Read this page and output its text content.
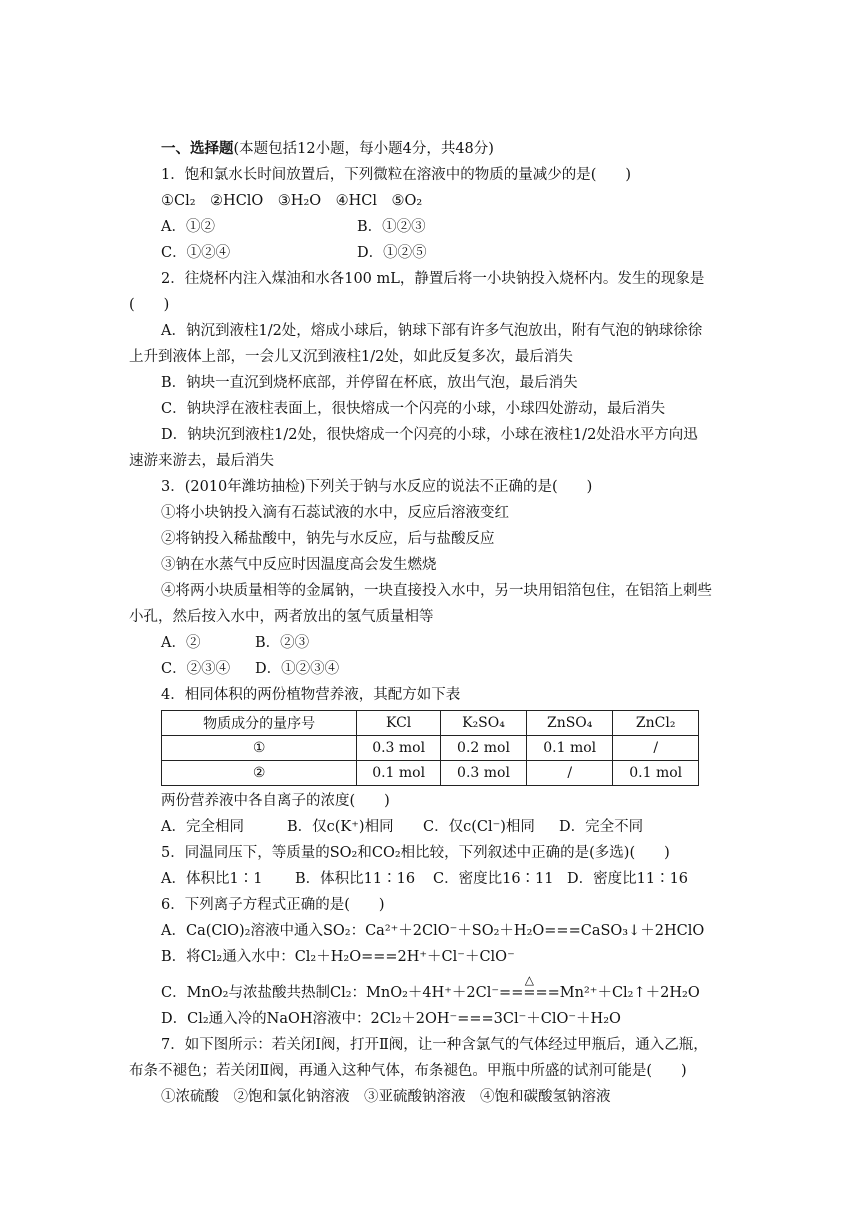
一、选择题(本题包括12小题，每小题4分，共48分)
1．饱和氯水长时间放置后，下列微粒在溶液中的物质的量减少的是(　　)
①Cl₂　②HClO　③H₂O　④HCl　⑤O₂
A．①②	B．①②③
C．①②④	D．①②⑤
2．往烧杯内注入煤油和水各100 mL，静置后将一小块钠投入烧杯内。发生的现象是
(　　)
A．钠沉到液柱1/2处，熔成小球后，钠球下部有许多气泡放出，附有气泡的钠球徐徐
上升到液体上部，一会儿又沉到液柱1/2处，如此反复多次，最后消失
B．钠块一直沉到烧杯底部，并停留在杯底，放出气泡，最后消失
C．钠块浮在液柱表面上，很快熔成一个闪亮的小球，小球四处游动，最后消失
D．钠块沉到液柱1/2处，很快熔成一个闪亮的小球，小球在液柱1/2处沿水平方向迅
速游来游去，最后消失
3．(2010年潍坊抽检)下列关于钠与水反应的说法不正确的是(　　)
①将小块钠投入滴有石蕊试液的水中，反应后溶液变红
②将钠投入稀盐酸中，钠先与水反应，后与盐酸反应
③钠在水蒸气中反应时因温度高会发生燃烧
④将两小块质量相等的金属钠，一块直接投入水中，另一块用铝箔包住，在铝箔上刺些
小孔，然后按入水中，两者放出的氢气质量相等
A．②	B．②③
C．②③④	D．①②③④
4．相同体积的两份植物营养液，其配方如下表
物质成分的量序号	KCl	K₂SO₄	ZnSO₄	ZnCl₂
①	0.3 mol	0.2 mol	0.1 mol	/
②	0.1 mol	0.3 mol	/	0.1 mol
两份营养液中各自离子的浓度(　　)
A．完全相同	B．仅c(K⁺)相同	C．仅c(Cl⁻)相同	D．完全不同
5．同温同压下，等质量的SO₂和CO₂相比较，下列叙述中正确的是(多选)(　　)
A．体积比1∶1	B．体积比11∶16	C．密度比16∶11 D．密度比11∶16
6．下列离子方程式正确的是(　　)
A．Ca(ClO)₂溶液中通入SO₂：Ca²⁺＋2ClO⁻＋SO₂＋H₂O===CaSO₃↓＋2HClO
B．将Cl₂通入水中：Cl₂＋H₂O===2H⁺＋Cl⁻＋ClO⁻
C．MnO₂与浓盐酸共热制Cl₂：MnO₂＋4H⁺＋2Cl⁻
△
=====Mn²⁺＋Cl₂↑＋2H₂O
D．Cl₂通入冷的NaOH溶液中：2Cl₂＋2OH⁻===3Cl⁻＋ClO⁻＋H₂O
7．如下图所示：若关闭Ⅰ阀，打开Ⅱ阀，让一种含氯气的气体经过甲瓶后，通入乙瓶，
布条不褪色；若关闭Ⅱ阀，再通入这种气体，布条褪色。甲瓶中所盛的试剂可能是(　　)
①浓硫酸　②饱和氯化钠溶液　③亚硫酸钠溶液　④饱和碳酸氢钠溶液
